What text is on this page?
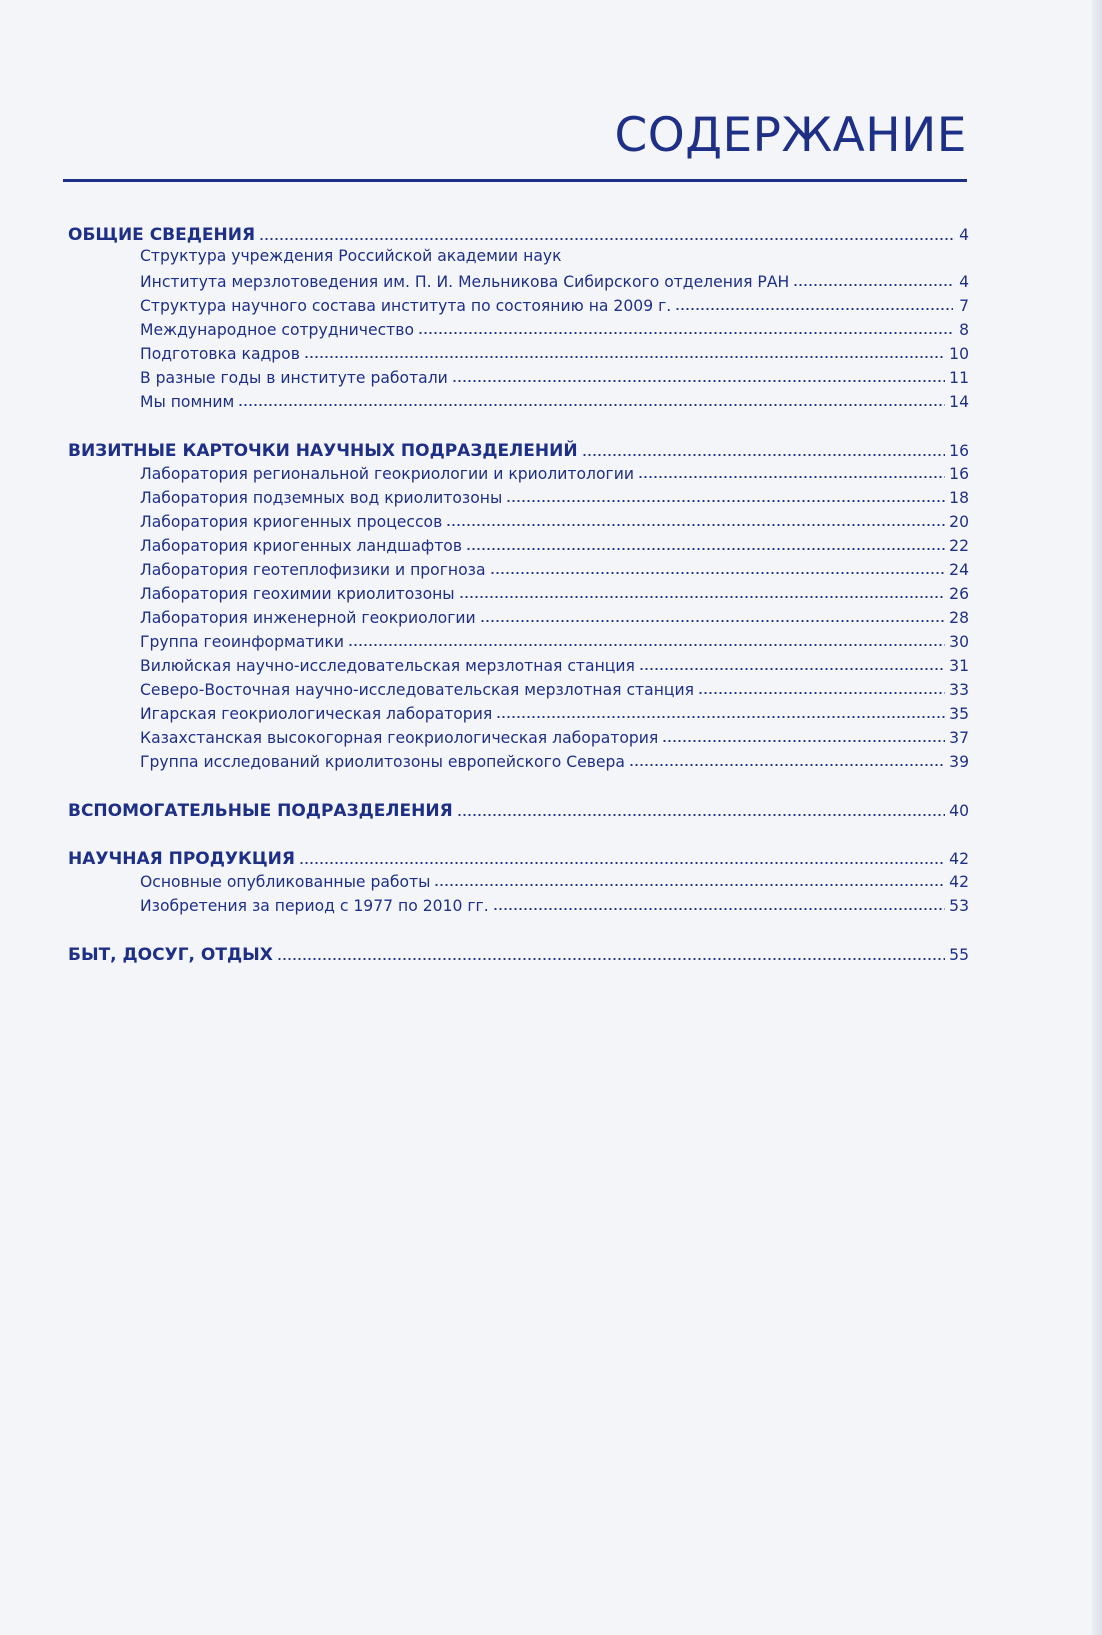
СОДЕРЖАНИЕ
ОБЩИЕ СВЕДЕНИЯ	4
Структура учреждения Российской академии наук
Института мерзлотоведения им. П. И. Мельникова Сибирского отделения РАН	4
Структура научного состава института по состоянию на 2009 г.	7
Международное сотрудничество	8
Подготовка кадров	10
В разные годы в институте работали	11
Мы помним	14
ВИЗИТНЫЕ КАРТОЧКИ НАУЧНЫХ ПОДРАЗДЕЛЕНИЙ	16
Лаборатория региональной геокриологии и криолитологии	16
Лаборатория подземных вод криолитозоны	18
Лаборатория криогенных процессов	20
Лаборатория криогенных ландшафтов	22
Лаборатория геотеплофизики и прогноза	24
Лаборатория геохимии криолитозоны	26
Лаборатория инженерной геокриологии	28
Группа геоинформатики	30
Вилюйская научно-исследовательская мерзлотная станция	31
Северо-Восточная научно-исследовательская мерзлотная станция	33
Игарская геокриологическая лаборатория	35
Казахстанская высокогорная геокриологическая лаборатория	37
Группа исследований криолитозоны европейского Севера	39
ВСПОМОГАТЕЛЬНЫЕ ПОДРАЗДЕЛЕНИЯ	40
НАУЧНАЯ ПРОДУКЦИЯ	42
Основные опубликованные работы	42
Изобретения за период с 1977 по 2010 гг.	53
БЫТ, ДОСУГ, ОТДЫХ	55
